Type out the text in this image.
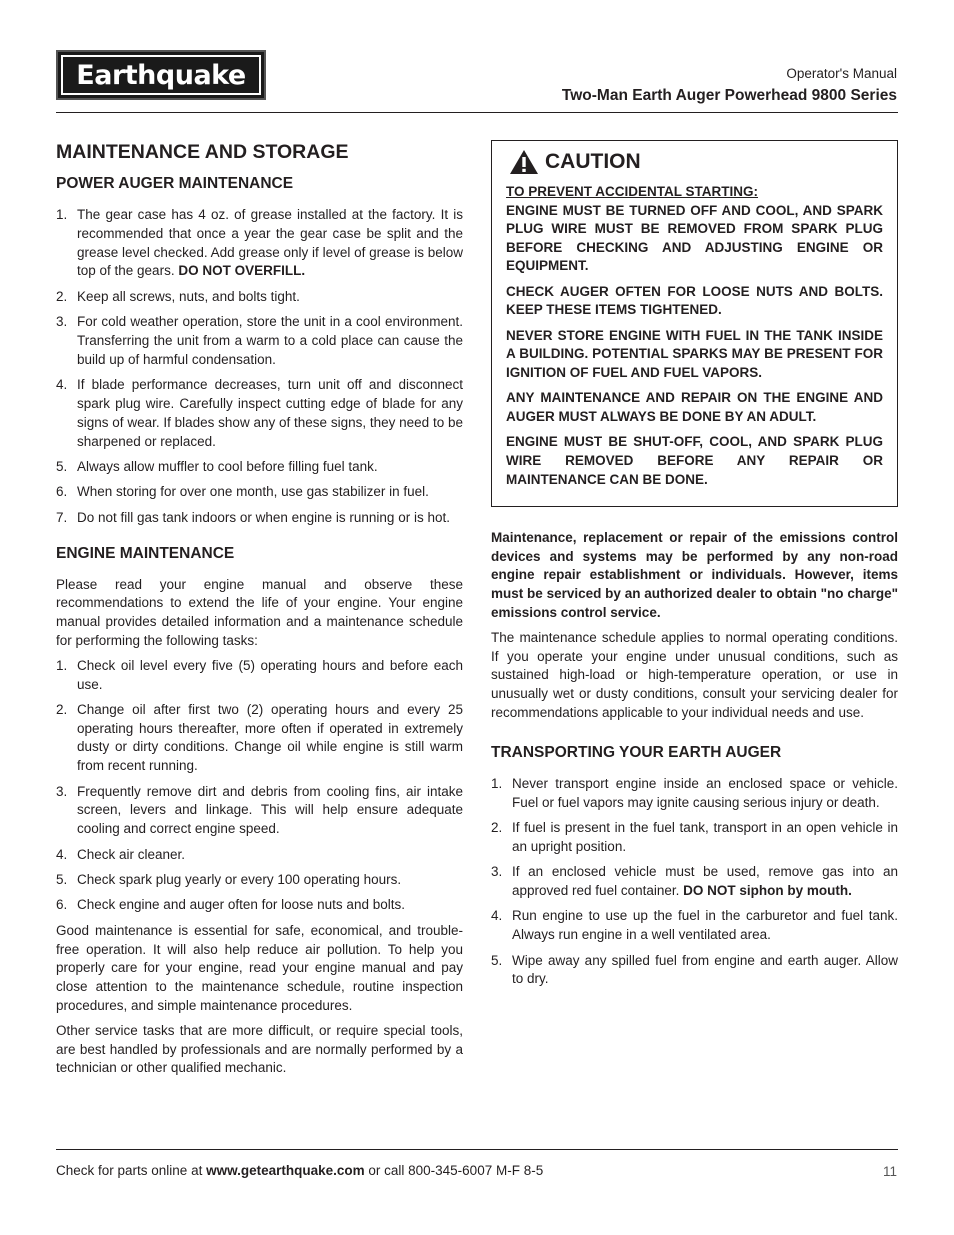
Earthquake	Operator's Manual
Two-Man Earth Auger Powerhead 9800 Series
MAINTENANCE AND STORAGE
POWER AUGER MAINTENANCE
1. The gear case has 4 oz. of grease installed at the factory. It is recommended that once a year the gear case be split and the grease level checked. Add grease only if level of grease is below top of the gears. DO NOT OVERFILL.
2. Keep all screws, nuts, and bolts tight.
3. For cold weather operation, store the unit in a cool environment. Transferring the unit from a warm to a cold place can cause the build up of harmful condensation.
4. If blade performance decreases, turn unit off and disconnect spark plug wire. Carefully inspect cutting edge of blade for any signs of wear. If blades show any of these signs, they need to be sharpened or replaced.
5. Always allow muffler to cool before filling fuel tank.
6. When storing for over one month, use gas stabilizer in fuel.
7. Do not fill gas tank indoors or when engine is running or is hot.
ENGINE MAINTENANCE

Please read your engine manual and observe these recommendations to extend the life of your engine. Your engine manual provides detailed information and a maintenance schedule for performing the following tasks:

1. Check oil level every five (5) operating hours and before each use.
2. Change oil after first two (2) operating hours and every 25 operating hours thereafter, more often if operated in extremely dusty or dirty conditions. Change oil while engine is still warm from recent running.
3. Frequently remove dirt and debris from cooling fins, air intake screen, levers and linkage. This will help ensure adequate cooling and correct engine speed.
4. Check air cleaner.
5. Check spark plug yearly or every 100 operating hours.
6. Check engine and auger often for loose nuts and bolts.

Good maintenance is essential for safe, economical, and trouble-free operation. It will also help reduce air pollution. To help you properly care for your engine, read your engine manual and pay close attention to the maintenance schedule, routine inspection procedures, and simple maintenance procedures.

Other service tasks that are more difficult, or require special tools, are best handled by professionals and are normally performed by a technician or other qualified mechanic.

CAUTION

TO PREVENT ACCIDENTAL STARTING:

ENGINE MUST BE TURNED OFF AND COOL, AND SPARK PLUG WIRE MUST BE REMOVED FROM SPARK PLUG BEFORE CHECKING AND ADJUSTING ENGINE OR EQUIPMENT.

CHECK AUGER OFTEN FOR LOOSE NUTS AND BOLTS. KEEP THESE ITEMS TIGHTENED.

NEVER STORE ENGINE WITH FUEL IN THE TANK INSIDE A BUILDING. POTENTIAL SPARKS MAY BE PRESENT FOR IGNITION OF FUEL AND FUEL VAPORS.

ANY MAINTENANCE AND REPAIR ON THE ENGINE AND AUGER MUST ALWAYS BE DONE BY AN ADULT.

ENGINE MUST BE SHUT-OFF, COOL, AND SPARK PLUG WIRE REMOVED BEFORE ANY REPAIR OR MAINTENANCE CAN BE DONE.

Maintenance, replacement or repair of the emissions control devices and systems may be performed by any non-road engine repair establishment or individuals. However, items must be serviced by an authorized dealer to obtain "no charge" emissions control service.

The maintenance schedule applies to normal operating conditions. If you operate your engine under unusual conditions, such as sustained high-load or high-temperature operation, or use in unusually wet or dusty conditions, consult your servicing dealer for recommendations applicable to your individual needs and use.

TRANSPORTING YOUR EARTH AUGER
1. Never transport engine inside an enclosed space or vehicle. Fuel or fuel vapors may ignite causing serious injury or death.
2. If fuel is present in the fuel tank, transport in an open vehicle in an upright position.
3. If an enclosed vehicle must be used, remove gas into an approved red fuel container. DO NOT siphon by mouth.
4. Run engine to use up the fuel in the carburetor and fuel tank. Always run engine in a well ventilated area.
5. Wipe away any spilled fuel from engine and earth auger. Allow to dry.
Check for parts online at www.getearthquake.com or call 800-345-6007 M-F 8-5	11
